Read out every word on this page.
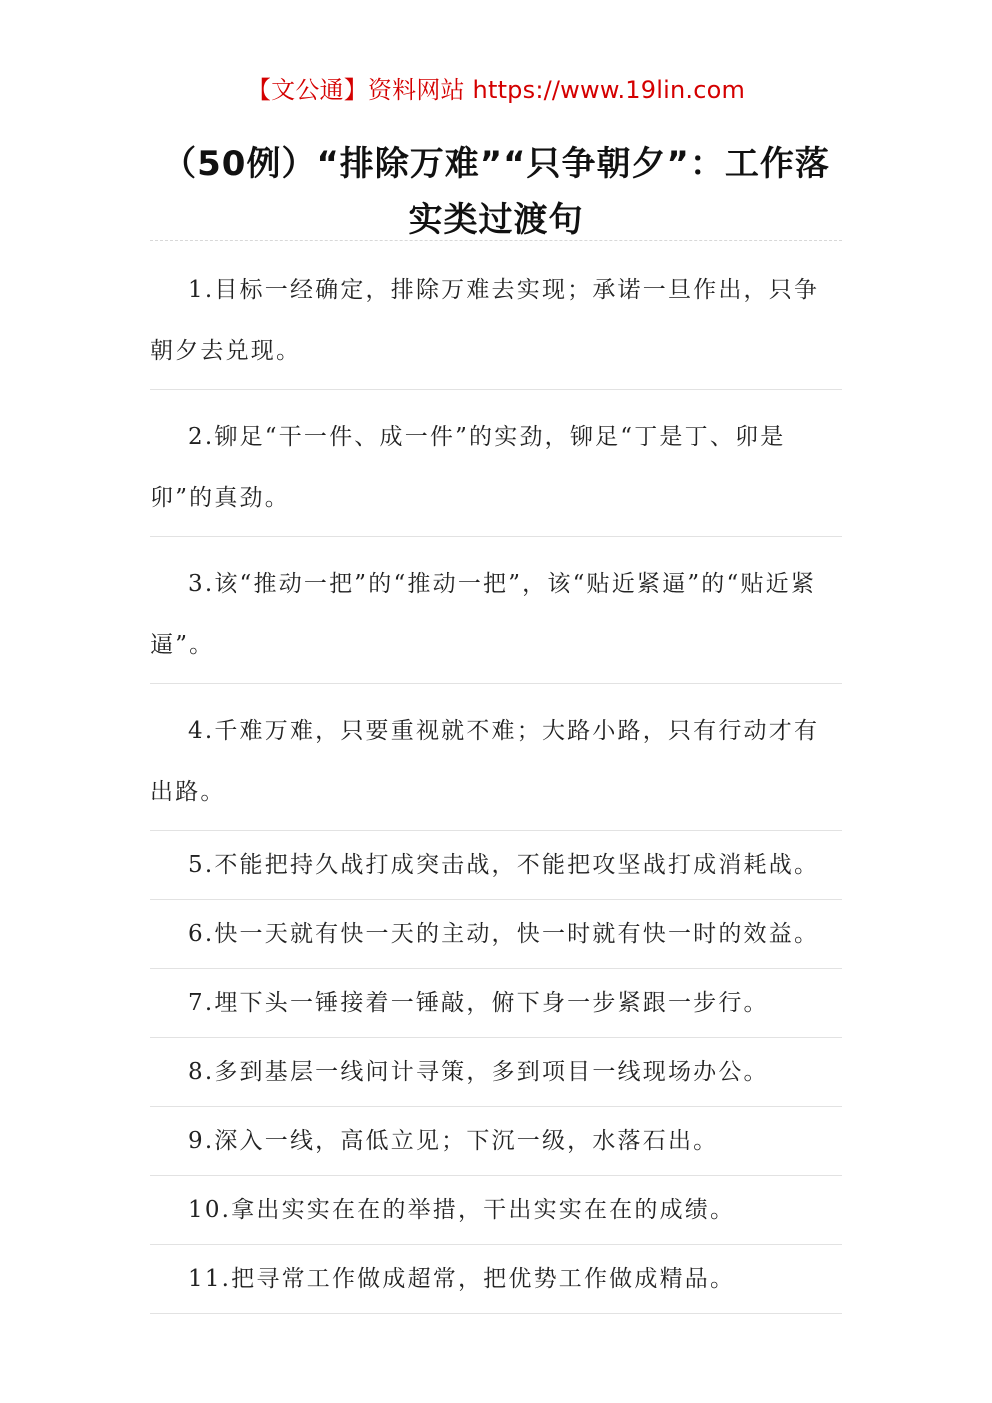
【文公通】资料网站 https://www.19lin.com
（50例）“排除万难”“只争朝夕”：工作落实类过渡句
1.目标一经确定，排除万难去实现；承诺一旦作出，只争朝夕去兑现。
2.铆足“干一件、成一件”的实劲，铆足“丁是丁、卯是卯”的真劲。
3.该“推动一把”的“推动一把”，该“贴近紧逼”的“贴近紧逼”。
4.千难万难，只要重视就不难；大路小路，只有行动才有出路。
5.不能把持久战打成突击战，不能把攻坚战打成消耗战。
6.快一天就有快一天的主动，快一时就有快一时的效益。
7.埋下头一锤接着一锤敲，俯下身一步紧跟一步行。
8.多到基层一线问计寻策，多到项目一线现场办公。
9.深入一线，高低立见；下沉一级，水落石出。
10.拿出实实在在的举措，干出实实在在的成绩。
11.把寻常工作做成超常，把优势工作做成精品。
